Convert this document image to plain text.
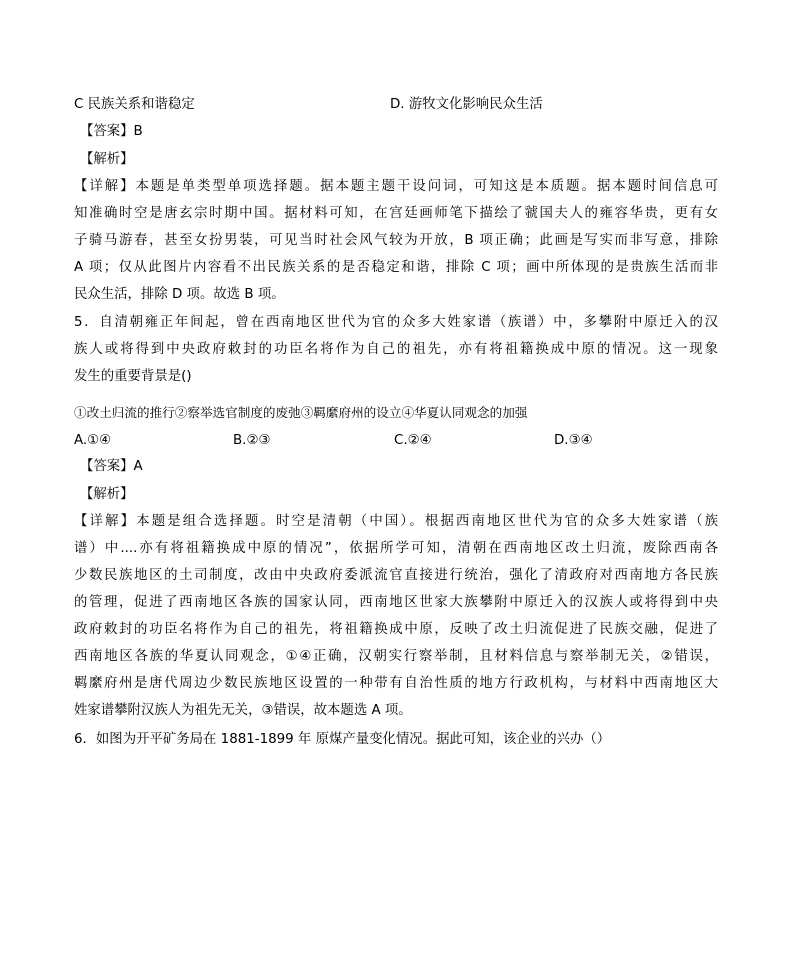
C 民族关系和谐稳定	D. 游牧文化影响民众生活
【答案】B
【解析】
【详解】本题是单类型单项选择题。据本题主题干设问词，可知这是本质题。据本题时间信息可
知准确时空是唐玄宗时期中国。据材料可知，在宫廷画师笔下描绘了虢国夫人的雍容华贵，更有女
子骑马游春，甚至女扮男装，可见当时社会风气较为开放，B 项正确；此画是写实而非写意，排除
A 项；仅从此图片内容看不出民族关系的是否稳定和谐，排除 C 项；画中所体现的是贵族生活而非
民众生活，排除 D 项。故选 B 项。
5．自清朝雍正年间起，曾在西南地区世代为官的众多大姓家谱（族谱）中，多攀附中原迁入的汉
族人或将得到中央政府敕封的功臣名将作为自己的祖先，亦有将祖籍换成中原的情况。这一现象
发生的重要背景是()
①改土归流的推行②察举选官制度的废弛③羁縻府州的设立④华夏认同观念的加强
A.①④	B.②③	C.②④	D.③④
【答案】A
【解析】
【详解】本题是组合选择题。时空是清朝（中国）。根据西南地区世代为官的众多大姓家谱（族
谱）中....亦有将祖籍换成中原的情况”，依据所学可知，清朝在西南地区改土归流，废除西南各
少数民族地区的土司制度，改由中央政府委派流官直接进行统治，强化了清政府对西南地方各民族
的管理，促进了西南地区各族的国家认同，西南地区世家大族攀附中原迁入的汉族人或将得到中央
政府敕封的功臣名将作为自己的祖先，将祖籍换成中原，反映了改土归流促进了民族交融，促进了
西南地区各族的华夏认同观念，①④正确，汉朝实行察举制，且材料信息与察举制无关，②错误，
羁縻府州是唐代周边少数民族地区设置的一种带有自治性质的地方行政机构，与材料中西南地区大
姓家谱攀附汉族人为祖先无关，③错误，故本题选 A 项。
6．如图为开平矿务局在 1881-1899 年 原煤产量变化情况。据此可知，该企业的兴办（）
